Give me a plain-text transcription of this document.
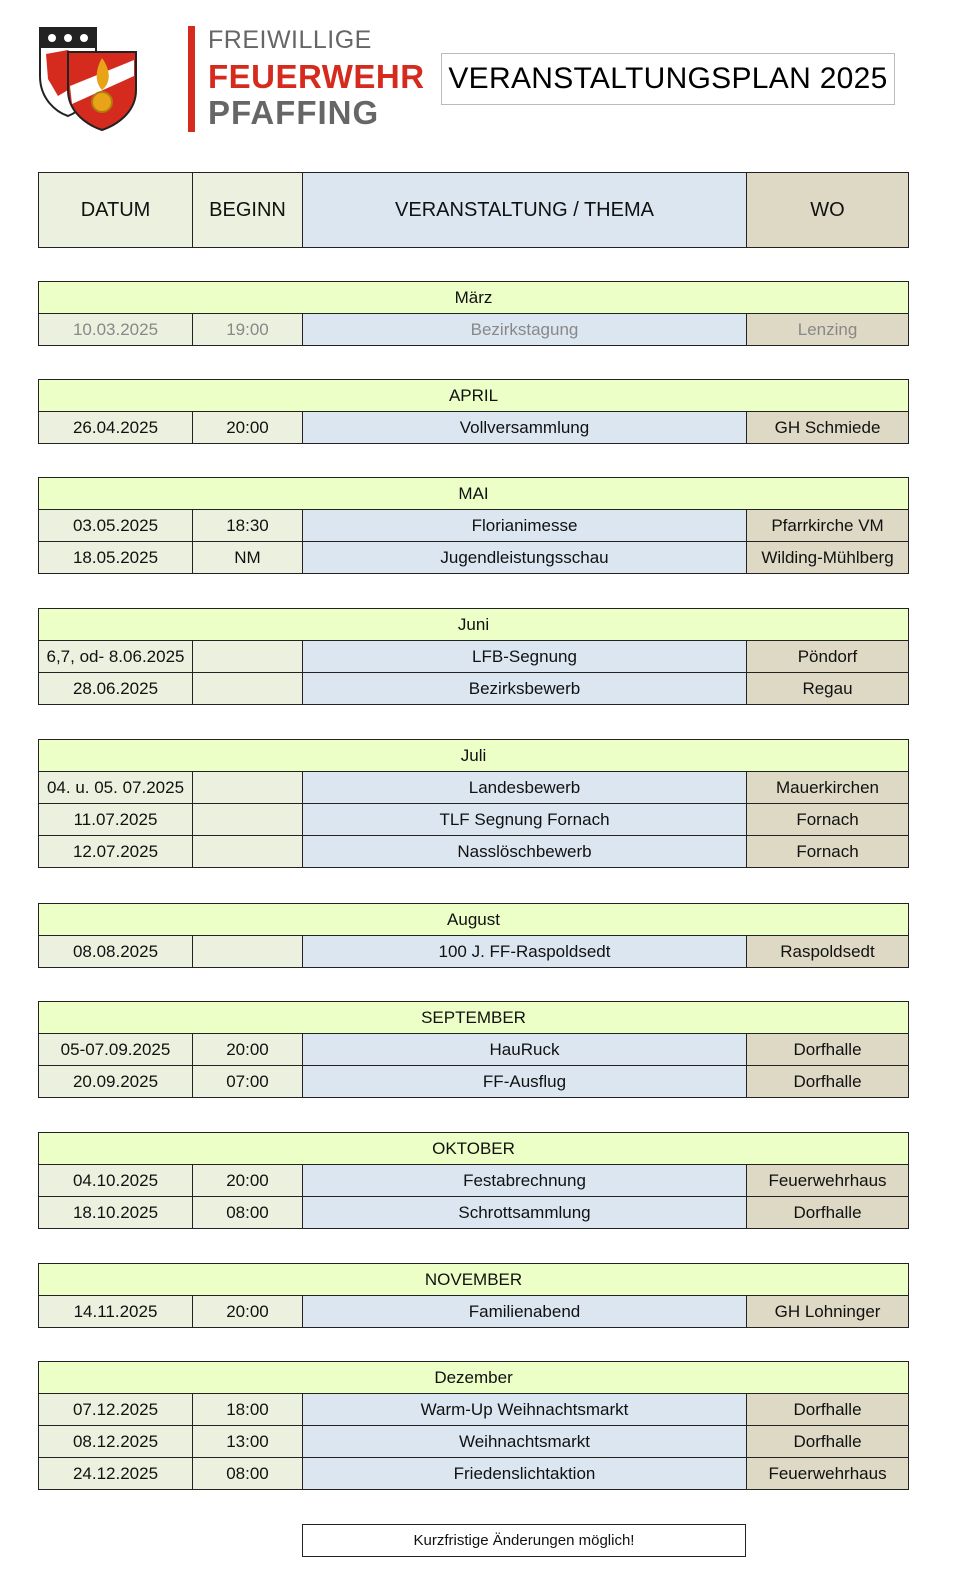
FREIWILLIGE
FEUERWEHR
PFAFFING
VERANSTALTUNGSPLAN 2025
DATUM	BEGINN	VERANSTALTUNG / THEMA	WO
März
10.03.2025	19:00	Bezirkstagung	Lenzing
APRIL
26.04.2025	20:00	Vollversammlung	GH Schmiede
MAI			
03.05.2025	18:30	Florianimesse	Pfarrkirche VM
18.05.2025	NM	Jugendleistungsschau	Wilding-Mühlberg
Juni			
6,7, od- 8.06.2025		LFB-Segnung	Pöndorf
28.06.2025		Bezirksbewerb	Regau
Juli			
04. u. 05. 07.2025		Landesbewerb	Mauerkirchen
11.07.2025		TLF Segnung Fornach	Fornach
12.07.2025		Nasslöschbewerb	Fornach
August
08.08.2025		100 J. FF-Raspoldsedt	Raspoldsedt
SEPTEMBER			
05-07.09.2025	20:00	HauRuck	Dorfhalle
20.09.2025	07:00	FF-Ausflug	Dorfhalle
OKTOBER			
04.10.2025	20:00	Festabrechnung	Feuerwehrhaus
18.10.2025	08:00	Schrottsammlung	Dorfhalle
NOVEMBER
14.11.2025	20:00	Familienabend	GH Lohninger
Dezember			
07.12.2025	18:00	Warm-Up Weihnachtsmarkt	Dorfhalle
08.12.2025	13:00	Weihnachtsmarkt	Dorfhalle
24.12.2025	08:00	Friedenslichtaktion	Feuerwehrhaus
Kurzfristige Änderungen möglich!
